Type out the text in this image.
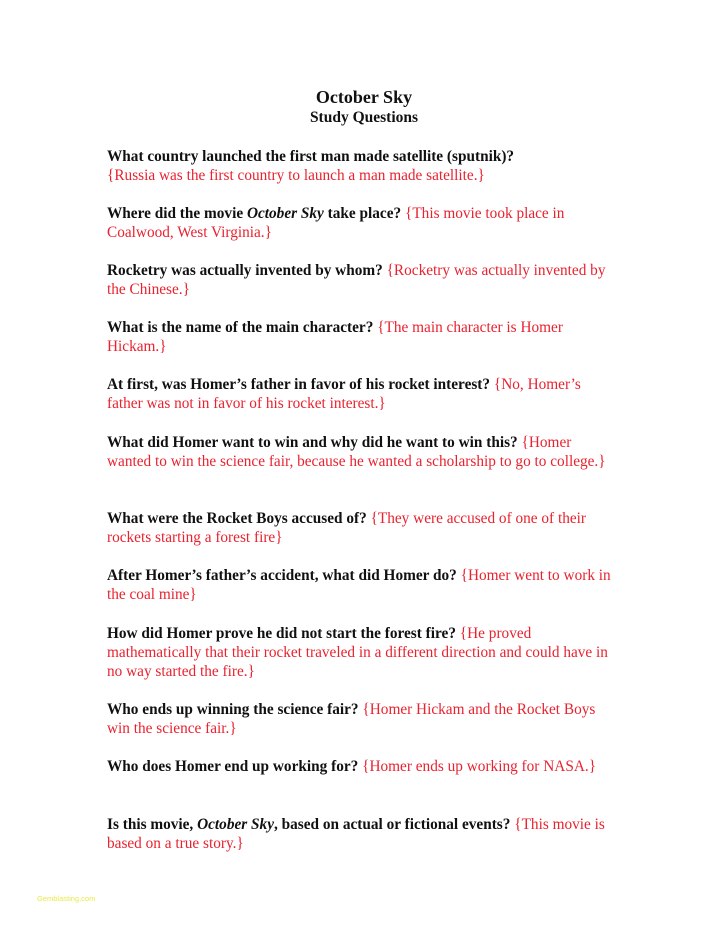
October Sky
Study Questions

What country launched the first man made satellite (sputnik)?
{Russia was the first country to launch a man made satellite.}

Where did the movie October Sky take place? {This movie took place in Coalwood, West Virginia.}

Rocketry was actually invented by whom? {Rocketry was actually invented by the Chinese.}

What is the name of the main character? {The main character is Homer Hickam.}

At first, was Homer’s father in favor of his rocket interest? {No, Homer’s father was not in favor of his rocket interest.}

What did Homer want to win and why did he want to win this? {Homer wanted to win the science fair, because he wanted a scholarship to go to college.}

What were the Rocket Boys accused of? {They were accused of one of their rockets starting a forest fire}

After Homer’s father’s accident, what did Homer do? {Homer went to work in the coal mine}

How did Homer prove he did not start the forest fire? {He proved mathematically that their rocket traveled in a different direction and could have in no way started the fire.}

Who ends up winning the science fair? {Homer Hickam and the Rocket Boys win the science fair.}

Who does Homer end up working for? {Homer ends up working for NASA.}

Is this movie, October Sky, based on actual or fictional events? {This movie is based on a true story.}

Gemblasting.com
